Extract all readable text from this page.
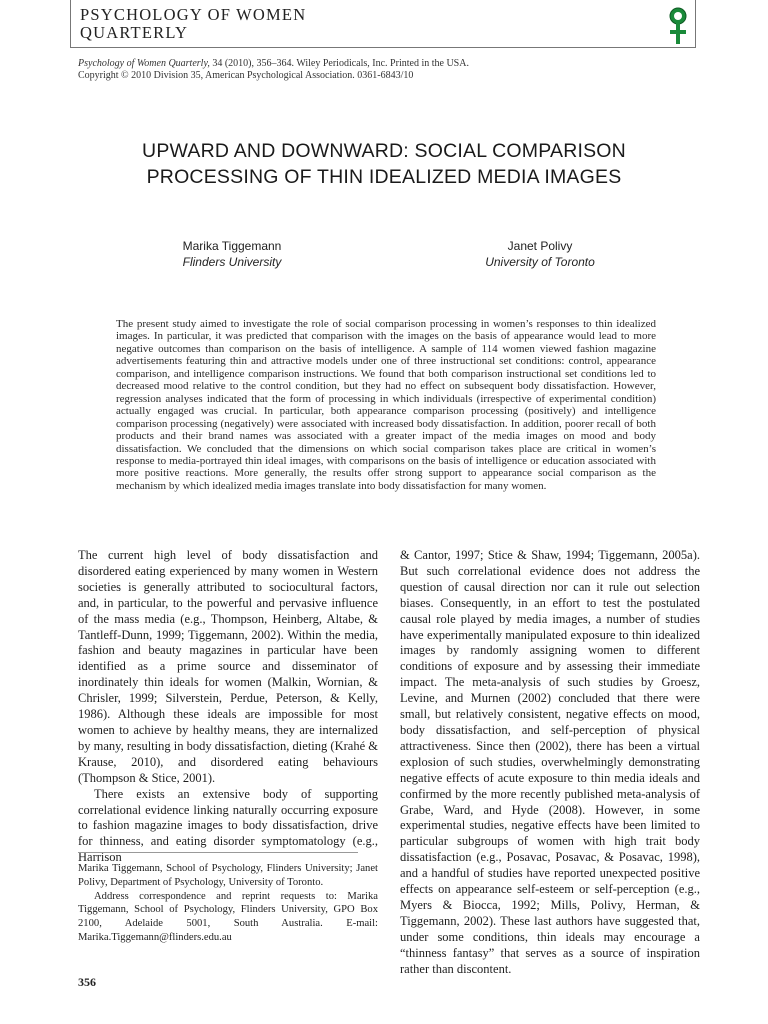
PSYCHOLOGY OF WOMEN
QUARTERLY
Psychology of Women Quarterly, 34 (2010), 356–364. Wiley Periodicals, Inc. Printed in the USA.
Copyright © 2010 Division 35, American Psychological Association. 0361-6843/10
UPWARD AND DOWNWARD: SOCIAL COMPARISON
PROCESSING OF THIN IDEALIZED MEDIA IMAGES
Marika Tiggemann
Flinders University
Janet Polivy
University of Toronto
The present study aimed to investigate the role of social comparison processing in women’s responses to thin idealized images. In particular, it was predicted that comparison with the images on the basis of appearance would lead to more negative outcomes than comparison on the basis of intelligence. A sample of 114 women viewed fashion magazine advertisements featuring thin and attractive models under one of three instructional set conditions: control, appearance comparison, and intelligence comparison instructions. We found that both comparison instructional set conditions led to decreased mood relative to the control condition, but they had no effect on subsequent body dissatisfaction. However, regression analyses indicated that the form of processing in which individuals (irrespective of experimental condition) actually engaged was crucial. In particular, both appearance comparison processing (positively) and intelligence comparison processing (negatively) were associated with increased body dissatisfaction. In addition, poorer recall of both products and their brand names was associated with a greater impact of the media images on mood and body dissatisfaction. We concluded that the dimensions on which social comparison takes place are critical in women’s response to media-portrayed thin ideal images, with comparisons on the basis of intelligence or education associated with more positive reactions. More generally, the results offer strong support to appearance social comparison as the mechanism by which idealized media images translate into body dissatisfaction for many women.

The current high level of body dissatisfaction and disordered eating experienced by many women in Western societies is generally attributed to sociocultural factors, and, in particular, to the powerful and pervasive influence of the mass media (e.g., Thompson, Heinberg, Altabe, & Tantleff-Dunn, 1999; Tiggemann, 2002). Within the media, fashion and beauty magazines in particular have been identified as a prime source and disseminator of inordinately thin ideals for women (Malkin, Wornian, & Chrisler, 1999; Silverstein, Perdue, Peterson, & Kelly, 1986). Although these ideals are impossible for most women to achieve by healthy means, they are internalized by many, resulting in body dissatisfaction, dieting (Krahé & Krause, 2010), and disordered eating behaviours (Thompson & Stice, 2001).

There exists an extensive body of supporting correlational evidence linking naturally occurring exposure to fashion magazine images to body dissatisfaction, drive for thinness, and eating disorder symptomatology (e.g., Harrison

& Cantor, 1997; Stice & Shaw, 1994; Tiggemann, 2005a). But such correlational evidence does not address the question of causal direction nor can it rule out selection biases. Consequently, in an effort to test the postulated causal role played by media images, a number of studies have experimentally manipulated exposure to thin idealized images by randomly assigning women to different conditions of exposure and by assessing their immediate impact. The meta-analysis of such studies by Groesz, Levine, and Murnen (2002) concluded that there were small, but relatively consistent, negative effects on mood, body dissatisfaction, and self-perception of physical attractiveness. Since then (2002), there has been a virtual explosion of such studies, overwhelmingly demonstrating negative effects of acute exposure to thin media ideals and confirmed by the more recently published meta-analysis of Grabe, Ward, and Hyde (2008). However, in some experimental studies, negative effects have been limited to particular subgroups of women with high trait body dissatisfaction (e.g., Posavac, Posavac, & Posavac, 1998), and a handful of studies have reported unexpected positive effects on appearance self-esteem or self-perception (e.g., Myers & Biocca, 1992; Mills, Polivy, Herman, & Tiggemann, 2002). These last authors have suggested that, under some conditions, thin ideals may encourage a “thinness fantasy” that serves as a source of inspiration rather than discontent.

Marika Tiggemann, School of Psychology, Flinders University; Janet Polivy, Department of Psychology, University of Toronto.

Address correspondence and reprint requests to: Marika Tiggemann, School of Psychology, Flinders University, GPO Box 2100, Adelaide 5001, South Australia. E-mail: Marika.Tiggemann@flinders.edu.au

356
